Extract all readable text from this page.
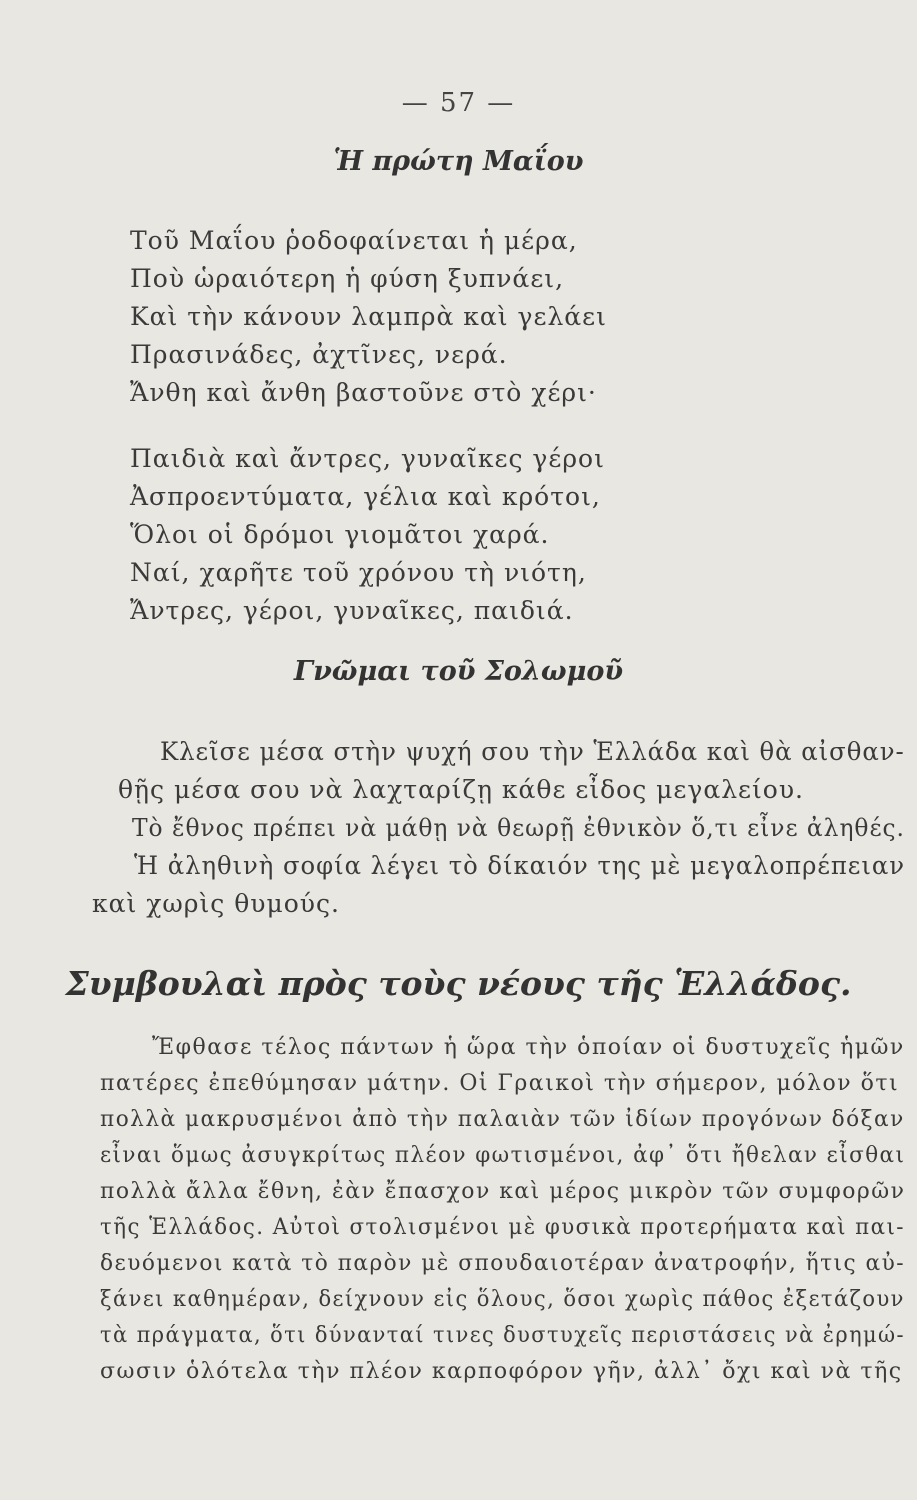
— 57 —
Ἡ πρώτη Μαΐου
Τοῦ Μαΐου ῥοδοφαίνεται ἡ μέρα,
Ποὺ ὡραιότερη ἡ φύση ξυπνάει,
Καὶ τὴν κάνουν λαμπρὰ καὶ γελάει
Πρασινάδες, ἀχτῖνες, νερά.
Ἄνθη καὶ ἄνθη βαστοῦνε στὸ χέρι·
Παιδιὰ καὶ ἄντρες, γυναῖκες γέροι
Ἀσπροεντύματα, γέλια καὶ κρότοι,
Ὅλοι οἱ δρόμοι γιομᾶτοι χαρά.
Ναί, χαρῆτε τοῦ χρόνου τὴ νιότη,
Ἄντρες, γέροι, γυναῖκες, παιδιά.
Γνῶμαι τοῦ Σολωμοῦ
Κλεῖσε μέσα στὴν ψυχή σου τὴν Ἑλλάδα καὶ θὰ αἰσθαν-
θῇς μέσα σου νὰ λαχταρίζῃ κάθε εἶδος μεγαλείου.
Τὸ ἔθνος πρέπει νὰ μάθῃ νὰ θεωρῇ ἐθνικὸν ὅ,τι εἶνε ἀληθές.
Ἡ ἀληθινὴ σοφία λέγει τὸ δίκαιόν της μὲ μεγαλοπρέπειαν
καὶ χωρὶς θυμούς.
Συμβουλαὶ πρὸς τοὺς νέους τῆς Ἑλλάδος.
Ἔφθασε τέλος πάντων ἡ ὥρα τὴν ὁποίαν οἱ δυστυχεῖς ἡμῶν
πατέρες ἐπεθύμησαν μάτην. Οἱ Γραικοὶ τὴν σήμερον, μόλον ὅτι
πολλὰ μακρυσμένοι ἀπὸ τὴν παλαιὰν τῶν ἰδίων προγόνων δόξαν
εἶναι ὅμως ἀσυγκρίτως πλέον φωτισμένοι, ἀφ᾽ ὅτι ἤθελαν εἶσθαι
πολλὰ ἄλλα ἔθνη, ἐὰν ἔπασχον καὶ μέρος μικρὸν τῶν συμφορῶν
τῆς Ἑλλάδος. Αὐτοὶ στολισμένοι μὲ φυσικὰ προτερήματα καὶ παι-
δευόμενοι κατὰ τὸ παρὸν μὲ σπουδαιοτέραν ἀνατροφήν, ἥτις αὐ-
ξάνει καθημέραν, δείχνουν εἰς ὅλους, ὅσοι χωρὶς πάθος ἐξετάζουν
τὰ πράγματα, ὅτι δύνανταί τινες δυστυχεῖς περιστάσεις νὰ ἐρημώ-
σωσιν ὁλότελα τὴν πλέον καρποφόρον γῆν, ἀλλ᾽ ὄχι καὶ νὰ τῆς
